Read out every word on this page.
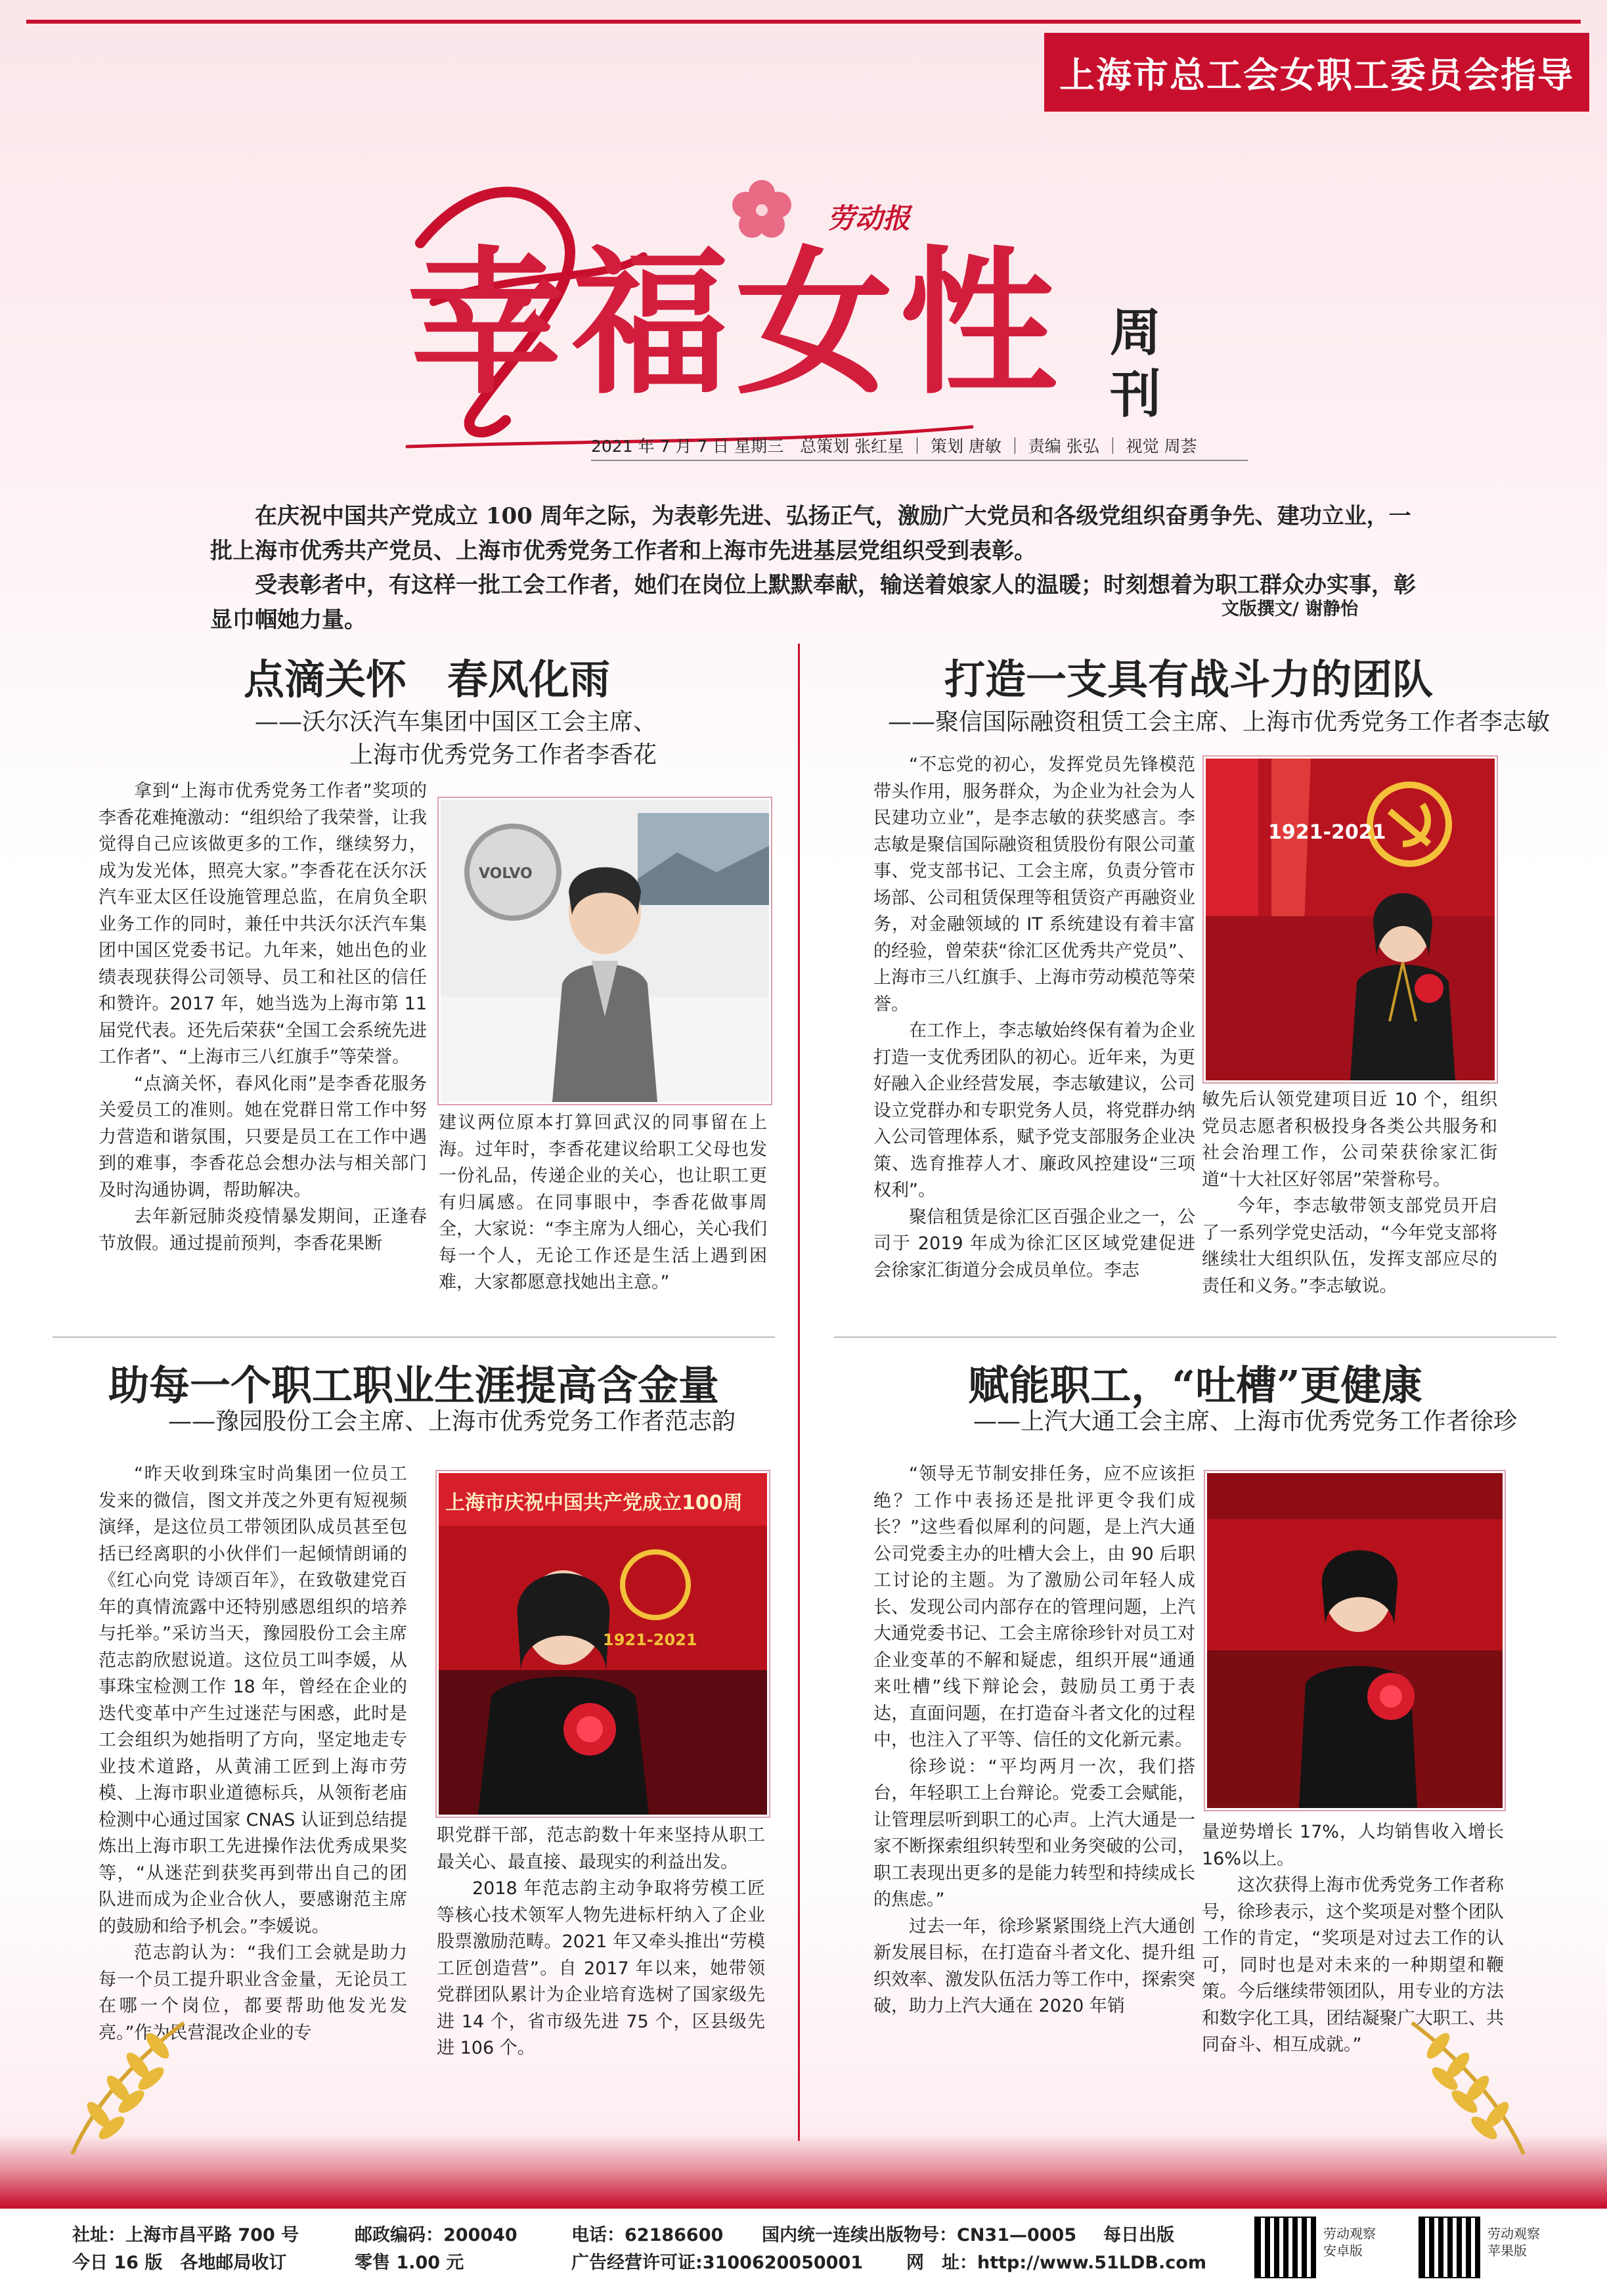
上海市总工会女职工委员会指导
幸福女性
劳动报
周刊
2021 年 7 月 7 日 星期三　总策划 张红星 ｜ 策划 唐敏 ｜ 责编 张弘 ｜ 视觉 周荟
在庆祝中国共产党成立 100 周年之际，为表彰先进、弘扬正气，激励广大党员和各级党组织奋勇争先、建功立业，一批上海市优秀共产党员、上海市优秀党务工作者和上海市先进基层党组织受到表彰。
受表彰者中，有这样一批工会工作者，她们在岗位上默默奉献，输送着娘家人的温暖；时刻想着为职工群众办实事，彰显巾帼她力量。	文版撰文/ 谢静怡
点滴关怀　春风化雨
——沃尔沃汽车集团中国区工会主席、
上海市优秀党务工作者李香花

拿到“上海市优秀党务工作者”奖项的李香花难掩激动：“组织给了我荣誉，让我觉得自己应该做更多的工作，继续努力，成为发光体，照亮大家。”李香花在沃尔沃汽车亚太区任设施管理总监，在肩负全职业务工作的同时，兼任中共沃尔沃汽车集团中国区党委书记。九年来，她出色的业绩表现获得公司领导、员工和社区的信任和赞许。2017 年，她当选为上海市第 11 届党代表。还先后荣获“全国工会系统先进工作者”、“上海市三八红旗手”等荣誉。

“点滴关怀，春风化雨”是李香花服务关爱员工的准则。她在党群日常工作中努力营造和谐氛围，只要是员工在工作中遇到的难事，李香花总会想办法与相关部门及时沟通协调，帮助解决。

去年新冠肺炎疫情暴发期间，正逢春节放假。通过提前预判，李香花果断

VOLVO

建议两位原本打算回武汉的同事留在上海。过年时，李香花建议给职工父母也发一份礼品，传递企业的关心，也让职工更有归属感。在同事眼中，李香花做事周全，大家说：“李主席为人细心，关心我们每一个人，无论工作还是生活上遇到困难，大家都愿意找她出主意。”

打造一支具有战斗力的团队
——聚信国际融资租赁工会主席、上海市优秀党务工作者李志敏

“不忘党的初心，发挥党员先锋模范带头作用，服务群众，为企业为社会为人民建功立业”，是李志敏的获奖感言。李志敏是聚信国际融资租赁股份有限公司董事、党支部书记、工会主席，负责分管市场部、公司租赁保理等租赁资产再融资业务，对金融领域的 IT 系统建设有着丰富的经验，曾荣获“徐汇区优秀共产党员”、上海市三八红旗手、上海市劳动模范等荣誉。

在工作上，李志敏始终保有着为企业打造一支优秀团队的初心。近年来，为更好融入企业经营发展，李志敏建议，公司设立党群办和专职党务人员，将党群办纳入公司管理体系，赋予党支部服务企业决策、选育推荐人才、廉政风控建设“三项权利”。

聚信租赁是徐汇区百强企业之一，公司于 2019 年成为徐汇区区域党建促进会徐家汇街道分会成员单位。李志

1921-2021

敏先后认领党建项目近 10 个，组织党员志愿者积极投身各类公共服务和社会治理工作，公司荣获徐家汇街道“十大社区好邻居”荣誉称号。

今年，李志敏带领支部党员开启了一系列学党史活动，“今年党支部将继续壮大组织队伍，发挥支部应尽的责任和义务。”李志敏说。

助每一个职工职业生涯提高含金量
——豫园股份工会主席、上海市优秀党务工作者范志韵

“昨天收到珠宝时尚集团一位员工发来的微信，图文并茂之外更有短视频演绎，是这位员工带领团队成员甚至包括已经离职的小伙伴们一起倾情朗诵的《红心向党 诗颂百年》，在致敬建党百年的真情流露中还特别感恩组织的培养与托举。”采访当天，豫园股份工会主席范志韵欣慰说道。这位员工叫李媛，从事珠宝检测工作 18 年，曾经在企业的迭代变革中产生过迷茫与困惑，此时是工会组织为她指明了方向，坚定地走专业技术道路，从黄浦工匠到上海市劳模、上海市职业道德标兵，从领衔老庙检测中心通过国家 CNAS 认证到总结提炼出上海市职工先进操作法优秀成果奖等，“从迷茫到获奖再到带出自己的团队进而成为企业合伙人，要感谢范主席的鼓励和给予机会。”李媛说。

范志韵认为：“我们工会就是助力每一个员工提升职业含金量，无论员工在哪一个岗位，都要帮助他发光发亮。”作为民营混改企业的专

上海市庆祝中国共产党成立100周
1921-2021

职党群干部，范志韵数十年来坚持从职工最关心、最直接、最现实的利益出发。

2018 年范志韵主动争取将劳模工匠等核心技术领军人物先进标杆纳入了企业股票激励范畴。2021 年又牵头推出“劳模工匠创造营”。自 2017 年以来，她带领党群团队累计为企业培育选树了国家级先进 14 个，省市级先进 75 个，区县级先进 106 个。

赋能职工，“吐槽”更健康
——上汽大通工会主席、上海市优秀党务工作者徐珍

“领导无节制安排任务，应不应该拒绝？工作中表扬还是批评更令我们成长？”这些看似犀利的问题，是上汽大通公司党委主办的吐槽大会上，由 90 后职工讨论的主题。为了激励公司年轻人成长、发现公司内部存在的管理问题，上汽大通党委书记、工会主席徐珍针对员工对企业变革的不解和疑虑，组织开展“通通来吐槽”线下辩论会，鼓励员工勇于表达，直面问题，在打造奋斗者文化的过程中，也注入了平等、信任的文化新元素。

徐珍说：“平均两月一次，我们搭台，年轻职工上台辩论。党委工会赋能，让管理层听到职工的心声。上汽大通是一家不断探索组织转型和业务突破的公司，职工表现出更多的是能力转型和持续成长的焦虑。”

过去一年，徐珍紧紧围绕上汽大通创新发展目标，在打造奋斗者文化、提升组织效率、激发队伍活力等工作中，探索突破，助力上汽大通在 2020 年销

量逆势增长 17%，人均销售收入增长 16%以上。

这次获得上海市优秀党务工作者称号，徐珍表示，这个奖项是对整个团队工作的肯定，“奖项是对过去工作的认可，同时也是对未来的一种期望和鞭策。今后继续带领团队，用专业的方法和数字化工具，团结凝聚广大职工、共同奋斗、相互成就。”

社址：上海市昌平路 700 号
今日 16 版　各地邮局收订
邮政编码：200040
零售 1.00 元
电话：62186600
广告经营许可证:3100620050001
国内统一连续出版物号：CN31—0005 每日出版
网　址：http://www.51LDB.com
劳动观察 安卓版
劳动观察 苹果版
